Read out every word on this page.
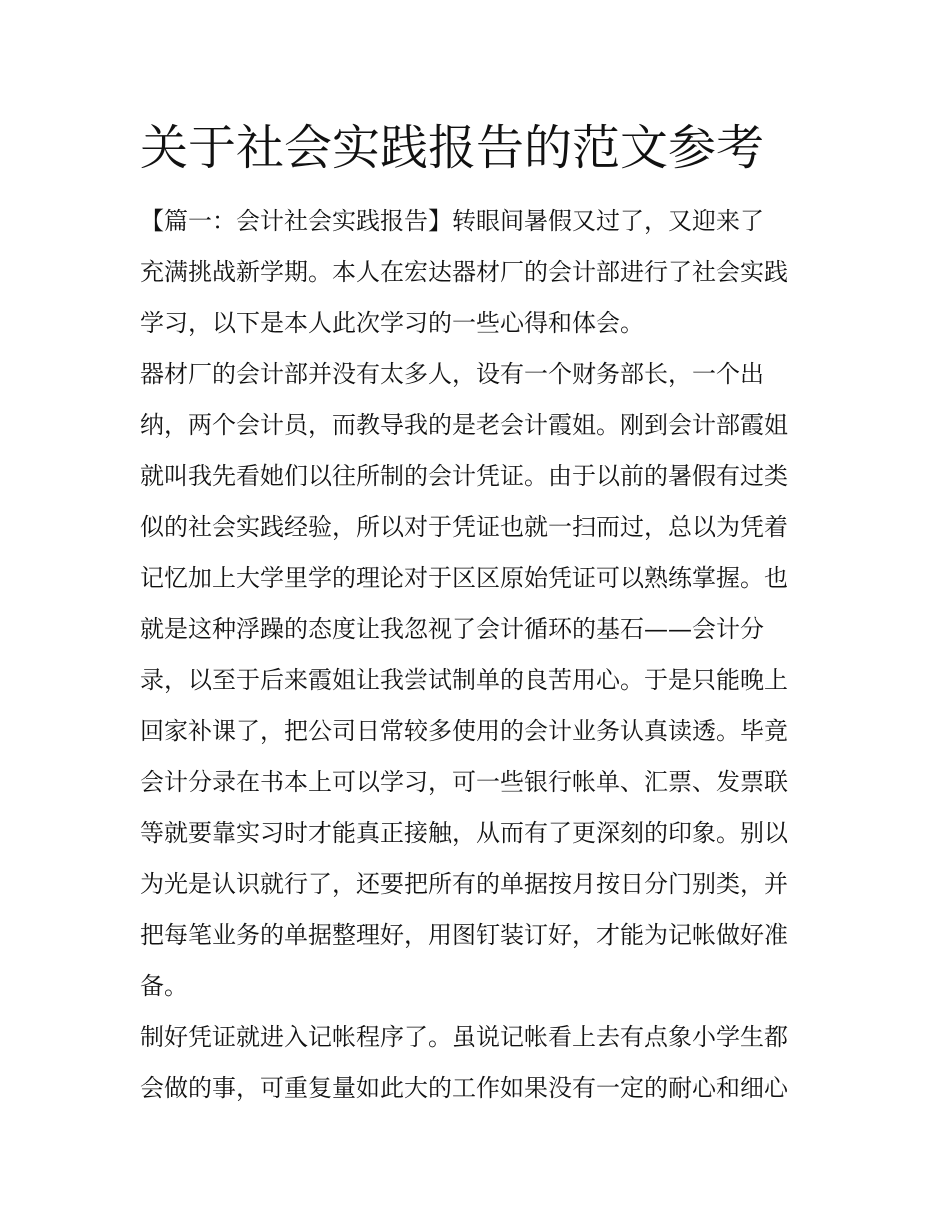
关于社会实践报告的范文参考

【篇一：会计社会实践报告】转眼间暑假又过了，又迎来了

充满挑战新学期。本人在宏达器材厂的会计部进行了社会实践

学习，以下是本人此次学习的一些心得和体会。

器材厂的会计部并没有太多人，设有一个财务部长，一个出

纳，两个会计员，而教导我的是老会计霞姐。刚到会计部霞姐

就叫我先看她们以往所制的会计凭证。由于以前的暑假有过类

似的社会实践经验，所以对于凭证也就一扫而过，总以为凭着

记忆加上大学里学的理论对于区区原始凭证可以熟练掌握。也

就是这种浮躁的态度让我忽视了会计循环的基石——会计分

录，以至于后来霞姐让我尝试制单的良苦用心。于是只能晚上

回家补课了，把公司日常较多使用的会计业务认真读透。毕竟

会计分录在书本上可以学习，可一些银行帐单、汇票、发票联

等就要靠实习时才能真正接触，从而有了更深刻的印象。别以

为光是认识就行了，还要把所有的单据按月按日分门别类，并

把每笔业务的单据整理好，用图钉装订好，才能为记帐做好准

备。

制好凭证就进入记帐程序了。虽说记帐看上去有点象小学生都

会做的事，可重复量如此大的工作如果没有一定的耐心和细心
